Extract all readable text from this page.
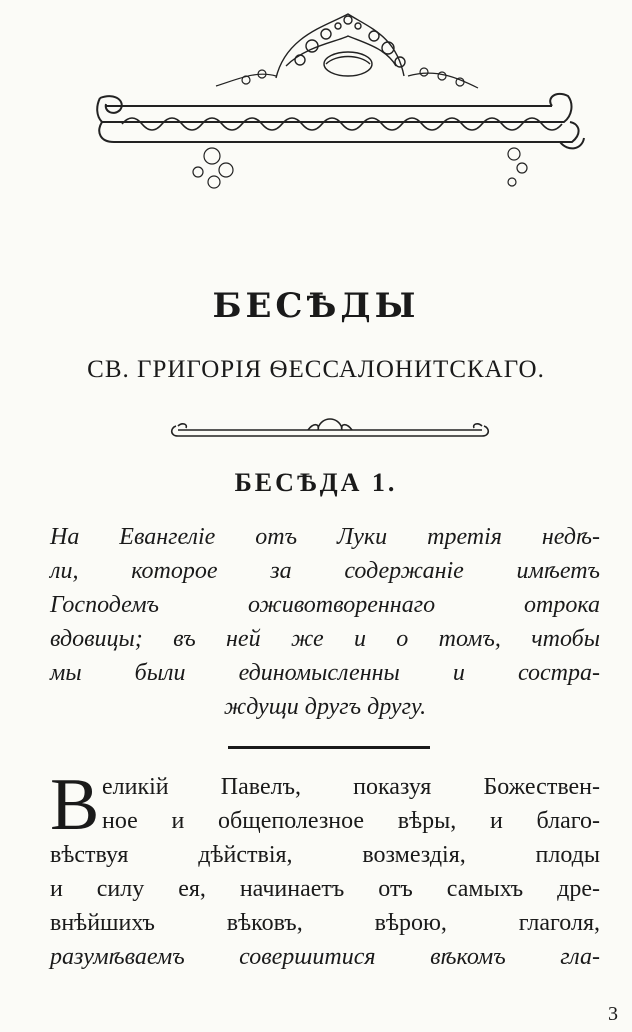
БЕСѢДЫ
СВ. ГРИГОРІЯ ѲЕССАЛОНИТСКАГО.
БЕСѢДА 1.
На Евангеліе отъ Луки третія недѣ-
ли, которое за содержаніе имѣетъ
Господемъ оживотвореннаго отрока
вдовицы; въ ней же и о томъ, чтобы
мы были единомысленны и состра-
ждущи другъ другу.
В еликій Павелъ, показуя Божествен-
ное и общеполезное вѣры, и благо-
вѣствуя дѣйствія, возмездія, плоды
и силу ея, начинаетъ отъ самыхъ дре-
внѣйшихъ вѣковъ, вѣрою, глаголя,
разумѣваемъ совершитися вѣкомъ гла-
3
